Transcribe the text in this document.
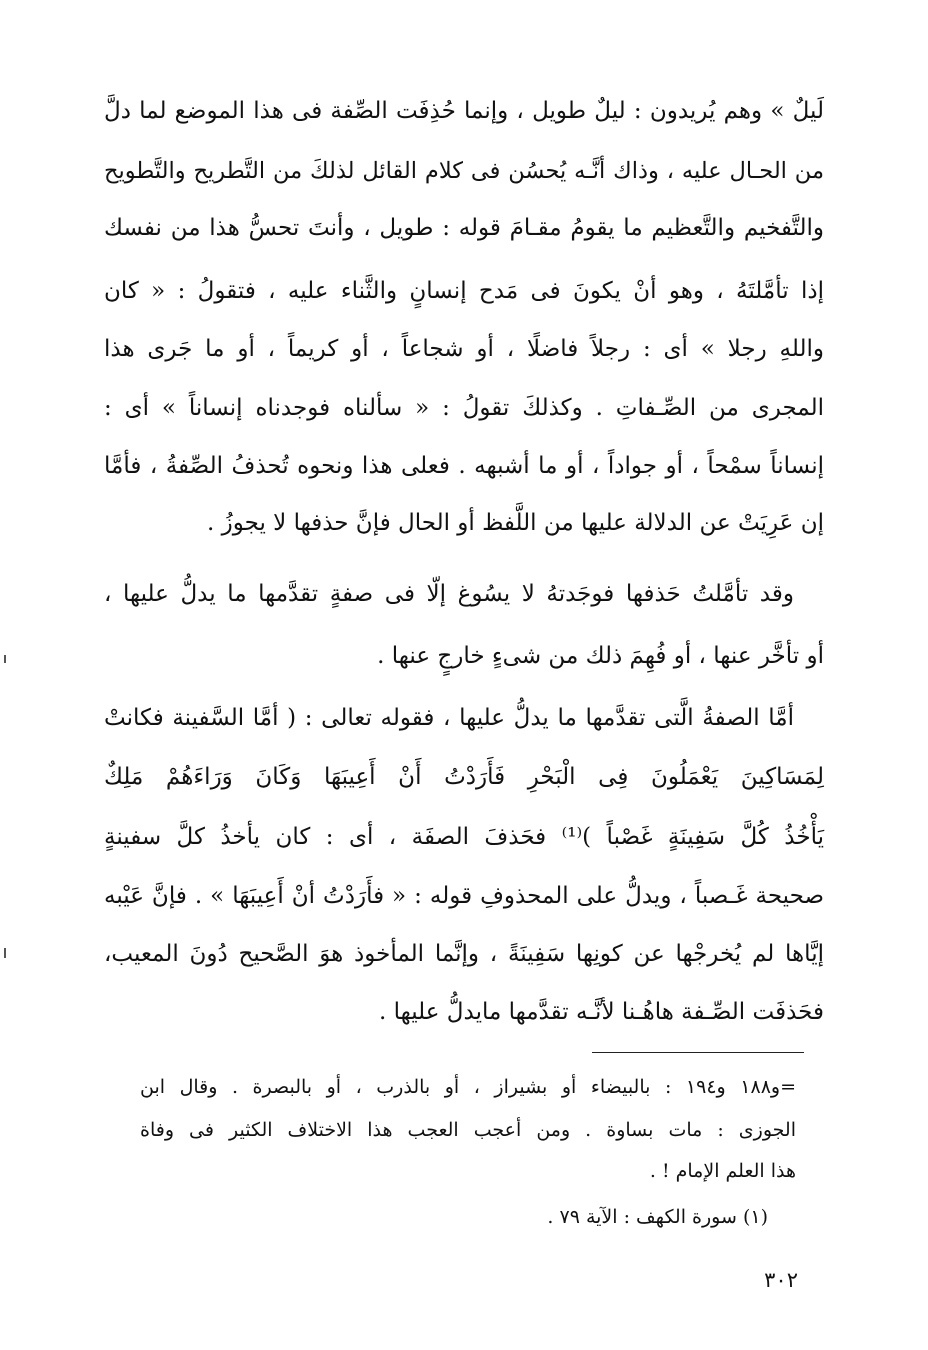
لَيلٌ » وهم يُريدون : ليلٌ طويل ، وإنما حُذِفَت الصِّفة فى هذا الموضع لما دلَّ
من الحـال عليه ، وذاك أنَّـه يُحسُن فى كلام القائل لذلكَ من التَّطريح والتَّطويح
والتَّفخيم والتَّعظيم ما يقومُ مقـامَ قوله : طويل ، وأنتَ تحسُّ هذا من نفسك
إذا تأمَّلتَهُ ، وهو أنْ يكونَ فى مَدح إنسانٍ والثَّناء عليه ، فتقولُ : « كان
واللهِ رجلا » أى : رجلاً فاضلًا ، أو شجاعاً ، أو كريماً ، أو ما جَرى هذا
المجرى من الصِّـفاتِ . وكذلكَ تقولُ : « سألناه فوجدناه إنساناً » أى :
إنساناً سمْحاً ، أو جواداً ، أو ما أشبهه . فعلى هذا ونحوه تُحذفُ الصِّفةُ ، فأمَّا
إن عَرِيَتْ عن الدلالة عليها من اللَّفظ أو الحال فإنَّ حذفها لا يجوزُ .
وقد تأمَّلتُ حَذفها فوجَدتهُ لا يسُوغ إلّا فى صفةٍ تقدَّمها ما يدلُّ عليها ،
أو تأخَّر عنها ، أو فُهِمَ ذلك من شىءٍ خارجٍ عنها .
أمَّا الصفةُ الَّتى تقدَّمها ما يدلُّ عليها ، فقوله تعالى : ( أمَّا السَّفينة فكانتْ
لِمَسَاكِينَ يَعْمَلُونَ فِى الْبَحْرِ فَأَرَدْتُ أَنْ أَعِيبَهَا وَكَانَ وَرَاءَهُمْ مَلِكٌ
يَأْخُذُ كُلَّ سَفِينَةٍ غَصْباً )⁽¹⁾ فحَذفَ الصفَة ، أى : كان يأخذُ كلَّ سفينةٍ
صحيحة غَـصباً ، ويدلُّ على المحذوفِ قوله : « فأَرَدْتُ أنْ أَعِيبَهَا » . فإنَّ عَيْبه
إيَّاها لم يُخرجْها عن كونِها سَفِينَةً ، وإنَّما المأخوذ هوَ الصَّحيح دُونَ المعيب،
فحَذفَت الصِّـفة هاهُـنا لأنَّـه تقدَّمها مايدلُّ عليها .
=و١٨٨ و١٩٤ : بالبيضاء أو بشيراز ، أو بالذرب ، أو بالبصرة . وقال ابن
الجوزى : مات بساوة . ومن أعجب العجب هذا الاختلاف الكثير فى وفاة
هذا العلم الإمام ! .
(١) سورة الكهف : الآية ٧٩ .
٣٠٢
